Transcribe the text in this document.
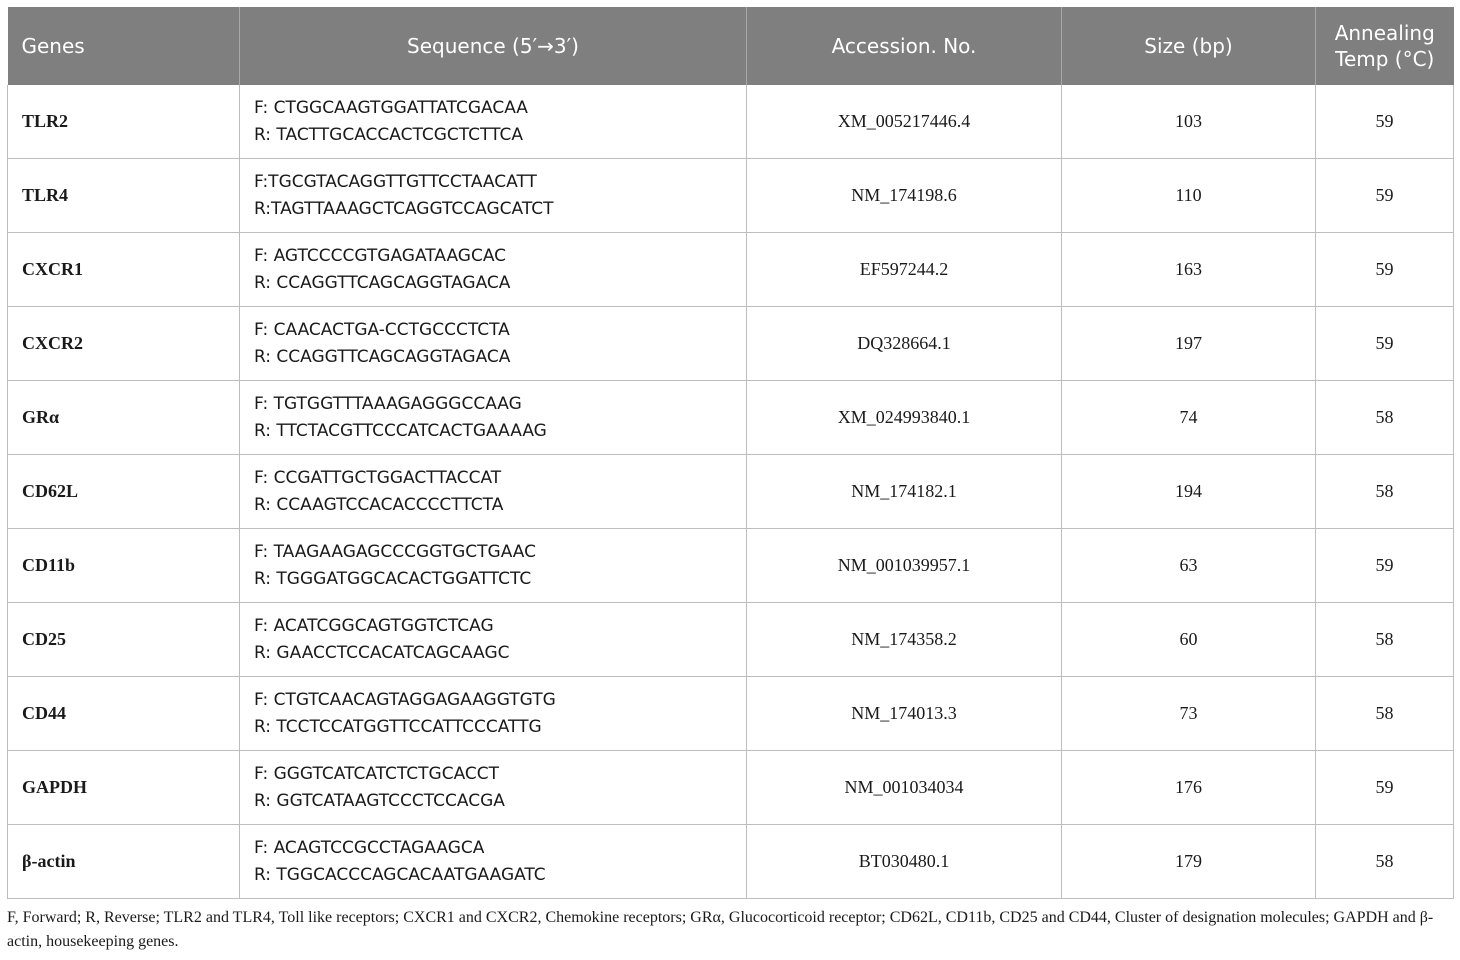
Genes	Sequence (5′→3′)	Accession. No.	Size (bp)	Annealing
Temp (°C)
TLR2	F: CTGGCAAGTGGATTATCGACAA
R: TACTTGCACCACTCGCTCTTCA	XM_005217446.4	103	59
TLR4	F:TGCGTACAGGTTGTTCCTAACATT
R:TAGTTAAAGCTCAGGTCCAGCATCT	NM_174198.6	110	59
CXCR1	F: AGTCCCCGTGAGATAAGCAC
R: CCAGGTTCAGCAGGTAGACA	EF597244.2	163	59
CXCR2	F: CAACACTGA-CCTGCCCTCTA
R: CCAGGTTCAGCAGGTAGACA	DQ328664.1	197	59
GRα	F: TGTGGTTTAAAGAGGGCCAAG
R: TTCTACGTTCCCATCACTGAAAAG	XM_024993840.1	74	58
CD62L	F: CCGATTGCTGGACTTACCAT
R: CCAAGTCCACACCCCTTCTA	NM_174182.1	194	58
CD11b	F: TAAGAAGAGCCCGGTGCTGAAC
R: TGGGATGGCACACTGGATTCTC	NM_001039957.1	63	59
CD25	F: ACATCGGCAGTGGTCTCAG
R: GAACCTCCACATCAGCAAGC	NM_174358.2	60	58
CD44	F: CTGTCAACAGTAGGAGAAGGTGTG
R: TCCTCCATGGTTCCATTCCCATTG	NM_174013.3	73	58
GAPDH	F: GGGTCATCATCTCTGCACCT
R: GGTCATAAGTCCCTCCACGA	NM_001034034	176	59
β-actin	F: ACAGTCCGCCTAGAAGCA
R: TGGCACCCAGCACAATGAAGATC	BT030480.1	179	58
F, Forward; R, Reverse; TLR2 and TLR4, Toll like receptors; CXCR1 and CXCR2, Chemokine receptors; GRα, Glucocorticoid receptor; CD62L, CD11b, CD25 and CD44, Cluster of designation molecules; GAPDH and β-actin, housekeeping genes.
